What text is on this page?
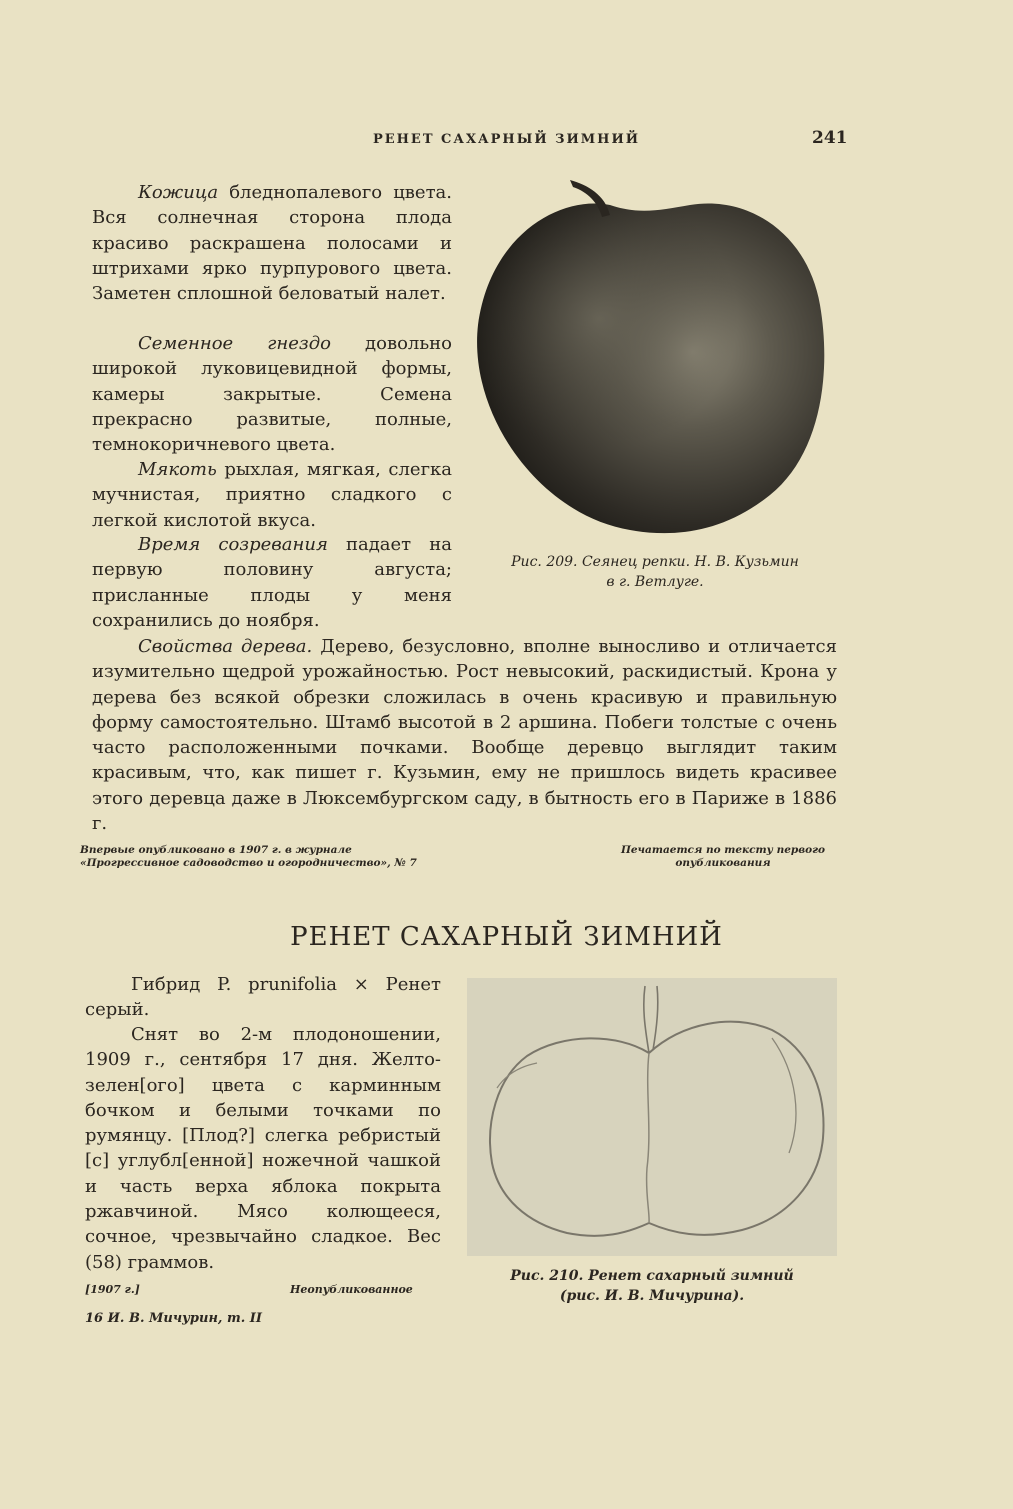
РЕНЕТ САХАРНЫЙ ЗИМНИЙ	241
Кожица бледнопалевого цвета. Вся солнечная сторона плода красиво раскрашена полосами и штрихами ярко пурпурового цвета. Заметен сплошной беловатый налет.
Семенное гнездо довольно широкой луковицевидной формы, камеры закрытые. Семена прекрасно развитые, полные, темнокоричневого цвета.
Мякоть рыхлая, мягкая, слегка мучнистая, приятно сладкого с легкой кислотой вкуса.
Время созревания падает на первую половину августа; присланные плоды у меня сохранились до ноября.
Свойства дерева. Дерево, безусловно, вполне выносливо и отличается изумительно щедрой урожайностью. Рост невысокий, раскидистый. Крона у дерева без всякой обрезки сложилась в очень красивую и правильную форму самостоятельно. Штамб высотой в 2 аршина. Побеги толстые с очень часто расположенными почками. Вообще деревцо выглядит таким красивым, что, как пишет г. Кузьмин, ему не пришлось видеть красивее этого деревца даже в Люксембургском саду, в бытность его в Париже в 1886 г.
Рис. 209. Сеянец репки. Н. В. Кузьмин
в г. Ветлуге.
Впервые опубликовано в 1907 г. в журнале «Прогрессивное садоводство и огородничество», № 7
Печатается по тексту первого опубликования
РЕНЕТ САХАРНЫЙ ЗИМНИЙ
Гибрид P. prunifolia × Ренет серый.
Снят во 2-м плодоношении, 1909 г., сентября 17 дня. Желто-зелен[ого] цвета с карминным бочком и белыми точками по румянцу. [Плод?] слегка ребристый [с] углубл[енной] ножечной чашкой и часть верха яблока покрыта ржавчиной. Мясо колющееся, сочное, чрезвычайно сладкое. Вес (58) граммов.
Рис. 210. Ренет сахарный зимний
(рис. И. В. Мичурина).
[1907 г.]	Неопубликованное
16 И. В. Мичурин, т. II
